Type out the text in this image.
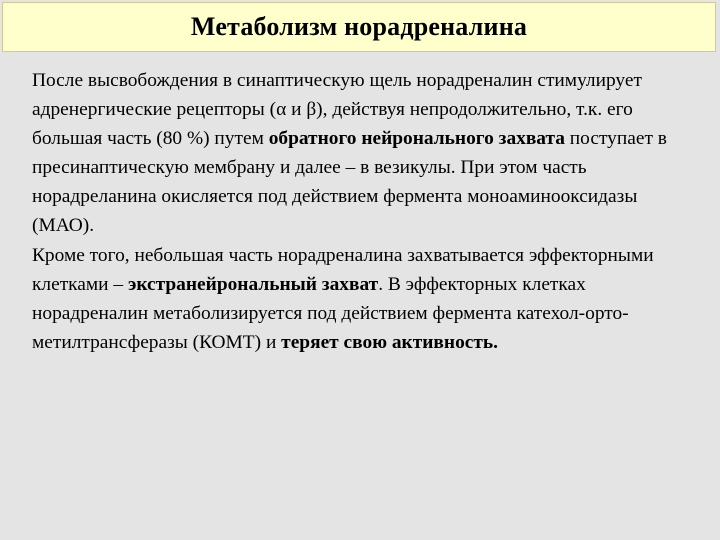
Метаболизм норадреналина

После высвобождения в синаптическую щель норадреналин стимулирует адренергические рецепторы (α и β), действуя непродолжительно, т.к. его большая часть (80 %) путем обратного нейронального захвата поступает в пресинаптическую мембрану и далее – в везикулы. При этом часть норадреланина окисляется под действием фермента моноаминооксидазы (МАО).

Кроме того, небольшая часть норадреналина захватывается эффекторными клетками – экстранейрональный захват. В эффекторных клетках норадреналин метаболизируется под действием фермента катехол-орто-метилтрансферазы (КОМТ) и теряет свою активность.
